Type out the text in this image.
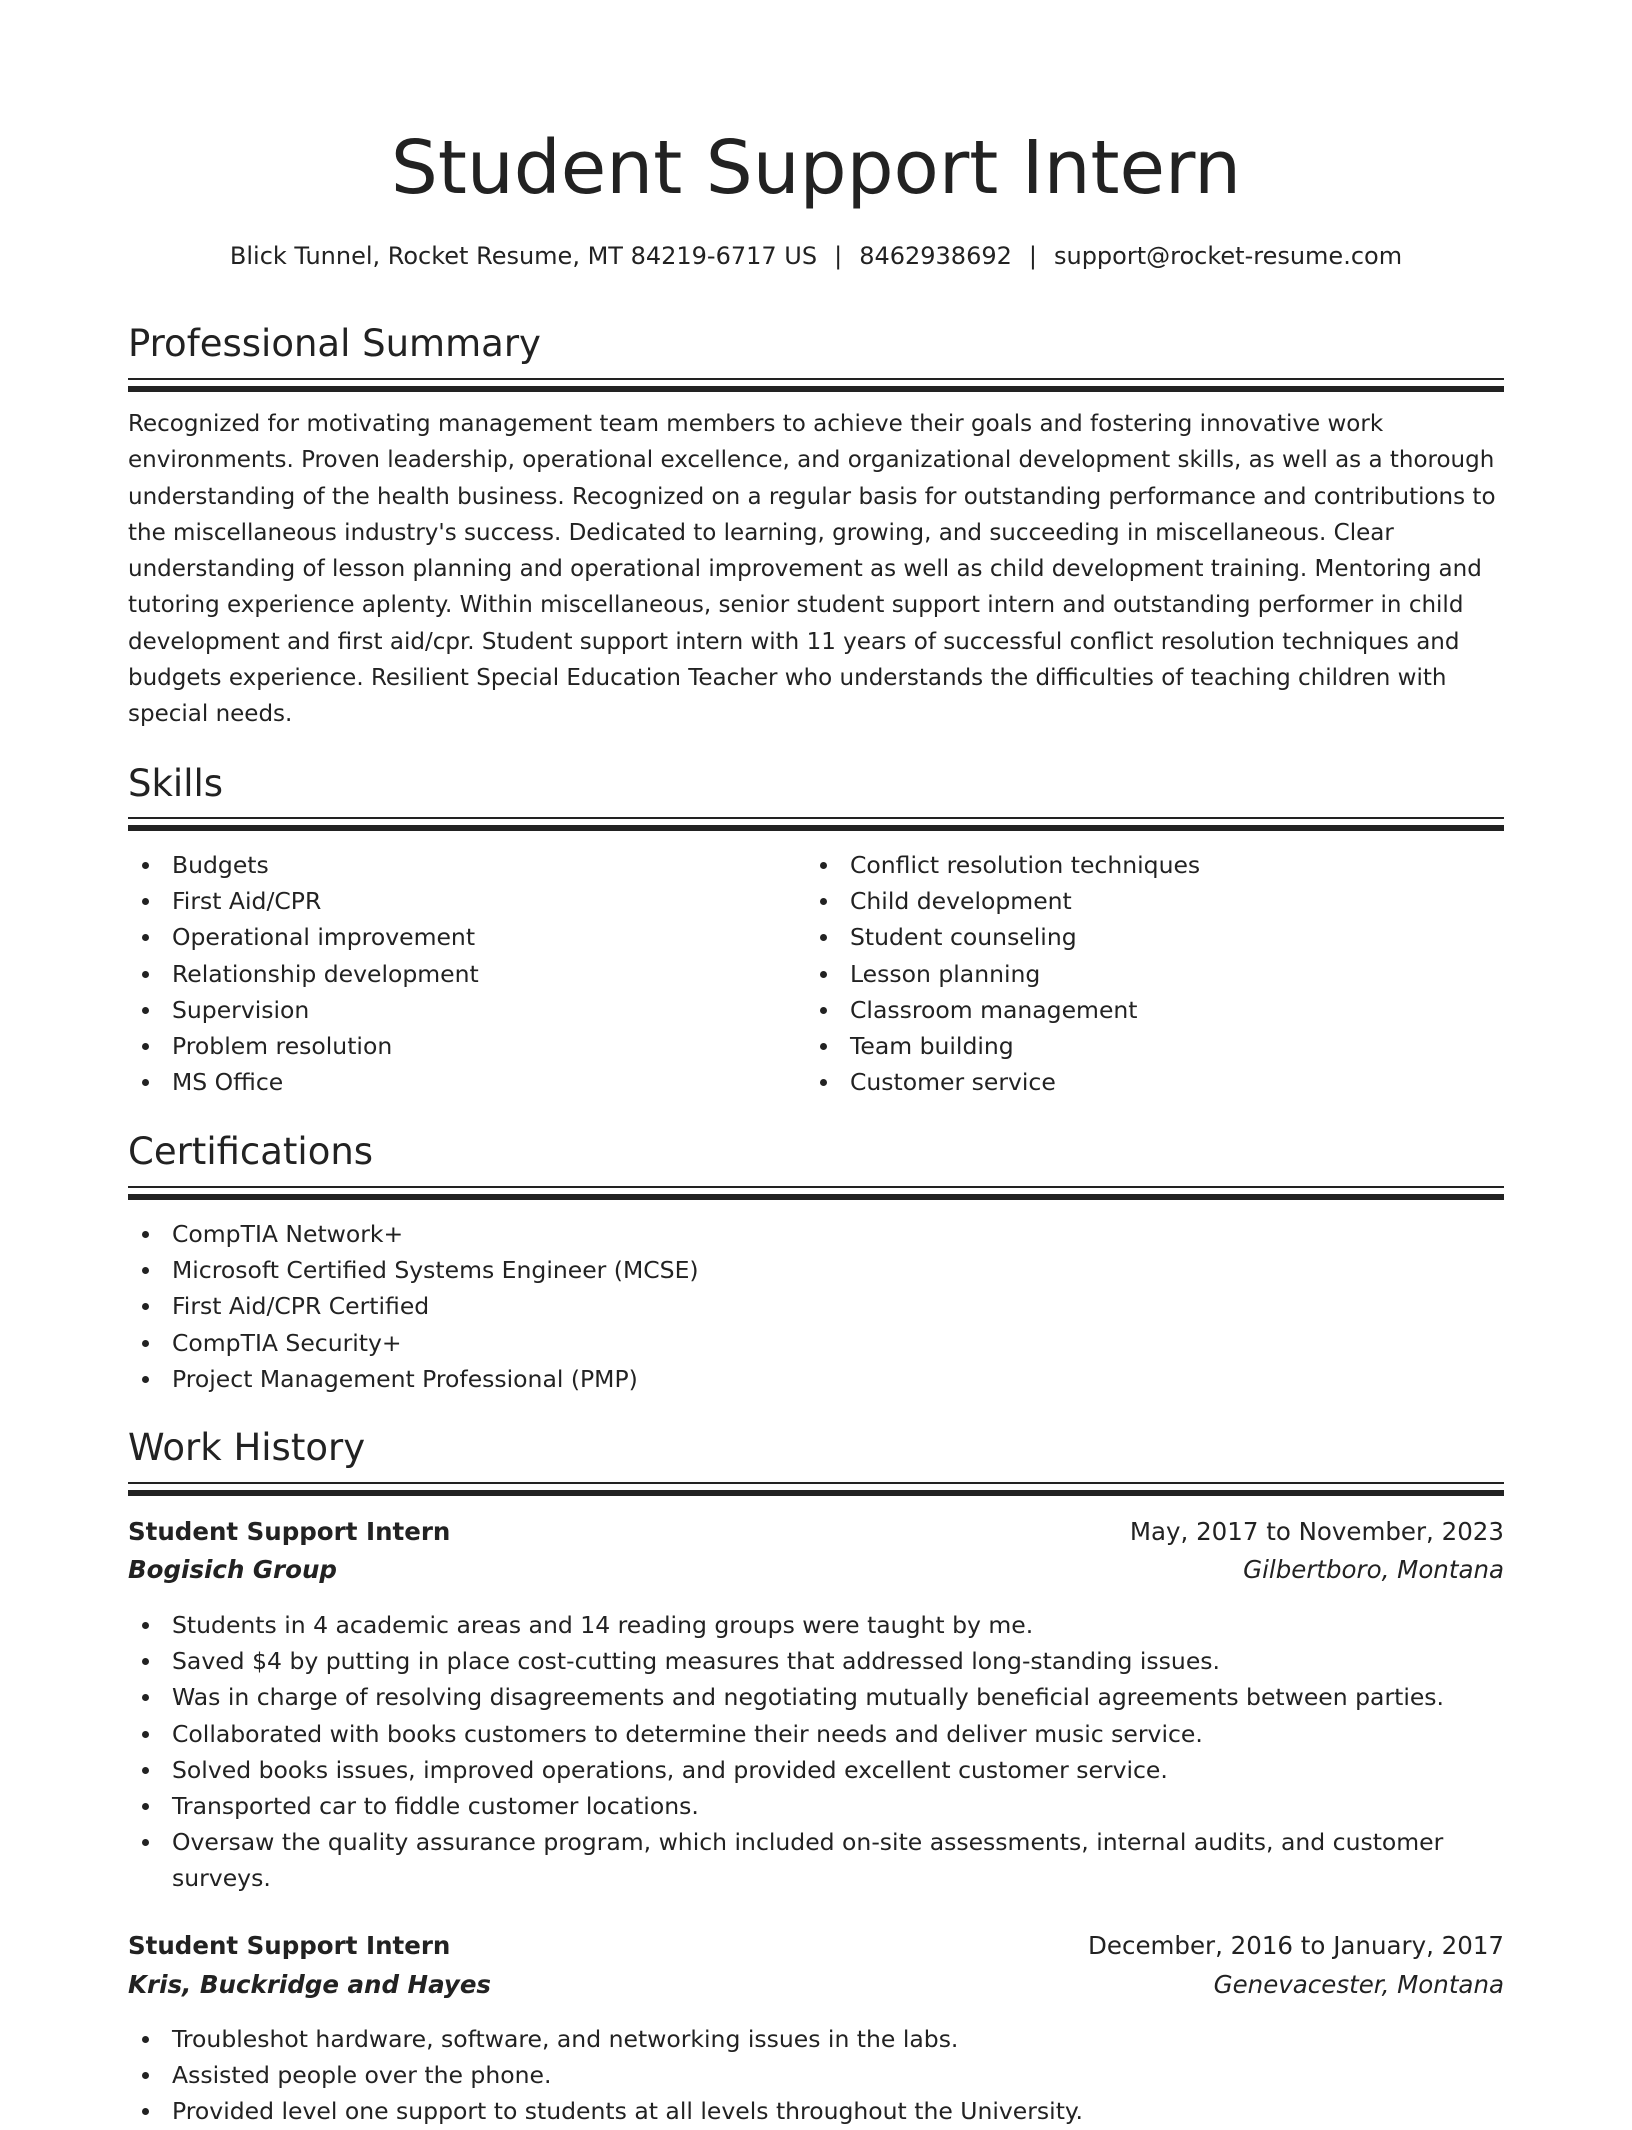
Student Support Intern
Blick Tunnel, Rocket Resume, MT 84219-6717 US | 8462938692 | support@rocket-resume.com
Professional Summary

Recognized for motivating management team members to achieve their goals and fostering innovative work environments. Proven leadership, operational excellence, and organizational development skills, as well as a thorough understanding of the health business. Recognized on a regular basis for outstanding performance and contributions to the miscellaneous industry's success. Dedicated to learning, growing, and succeeding in miscellaneous. Clear understanding of lesson planning and operational improvement as well as child development training. Mentoring and tutoring experience aplenty. Within miscellaneous, senior student support intern and outstanding performer in child development and first aid/cpr. Student support intern with 11 years of successful conflict resolution techniques and budgets experience. Resilient Special Education Teacher who understands the difficulties of teaching children with special needs.

Skills
Budgets
First Aid/CPR
Operational improvement
Relationship development
Supervision
Problem resolution
MS Office
Conflict resolution techniques
Child development
Student counseling
Lesson planning
Classroom management
Team building
Customer service
Certifications
CompTIA Network+
Microsoft Certified Systems Engineer (MCSE)
First Aid/CPR Certified
CompTIA Security+
Project Management Professional (PMP)
Work History
Student Support Intern	May, 2017 to November, 2023
Bogisich Group	Gilbertboro, Montana
Students in 4 academic areas and 14 reading groups were taught by me.
Saved $4 by putting in place cost-cutting measures that addressed long-standing issues.
Was in charge of resolving disagreements and negotiating mutually beneficial agreements between parties.
Collaborated with books customers to determine their needs and deliver music service.
Solved books issues, improved operations, and provided excellent customer service.
Transported car to fiddle customer locations.
Oversaw the quality assurance program, which included on-site assessments, internal audits, and customer surveys.
Student Support Intern	December, 2016 to January, 2017
Kris, Buckridge and Hayes	Genevacester, Montana
Troubleshot hardware, software, and networking issues in the labs.
Assisted people over the phone.
Provided level one support to students at all levels throughout the University.
